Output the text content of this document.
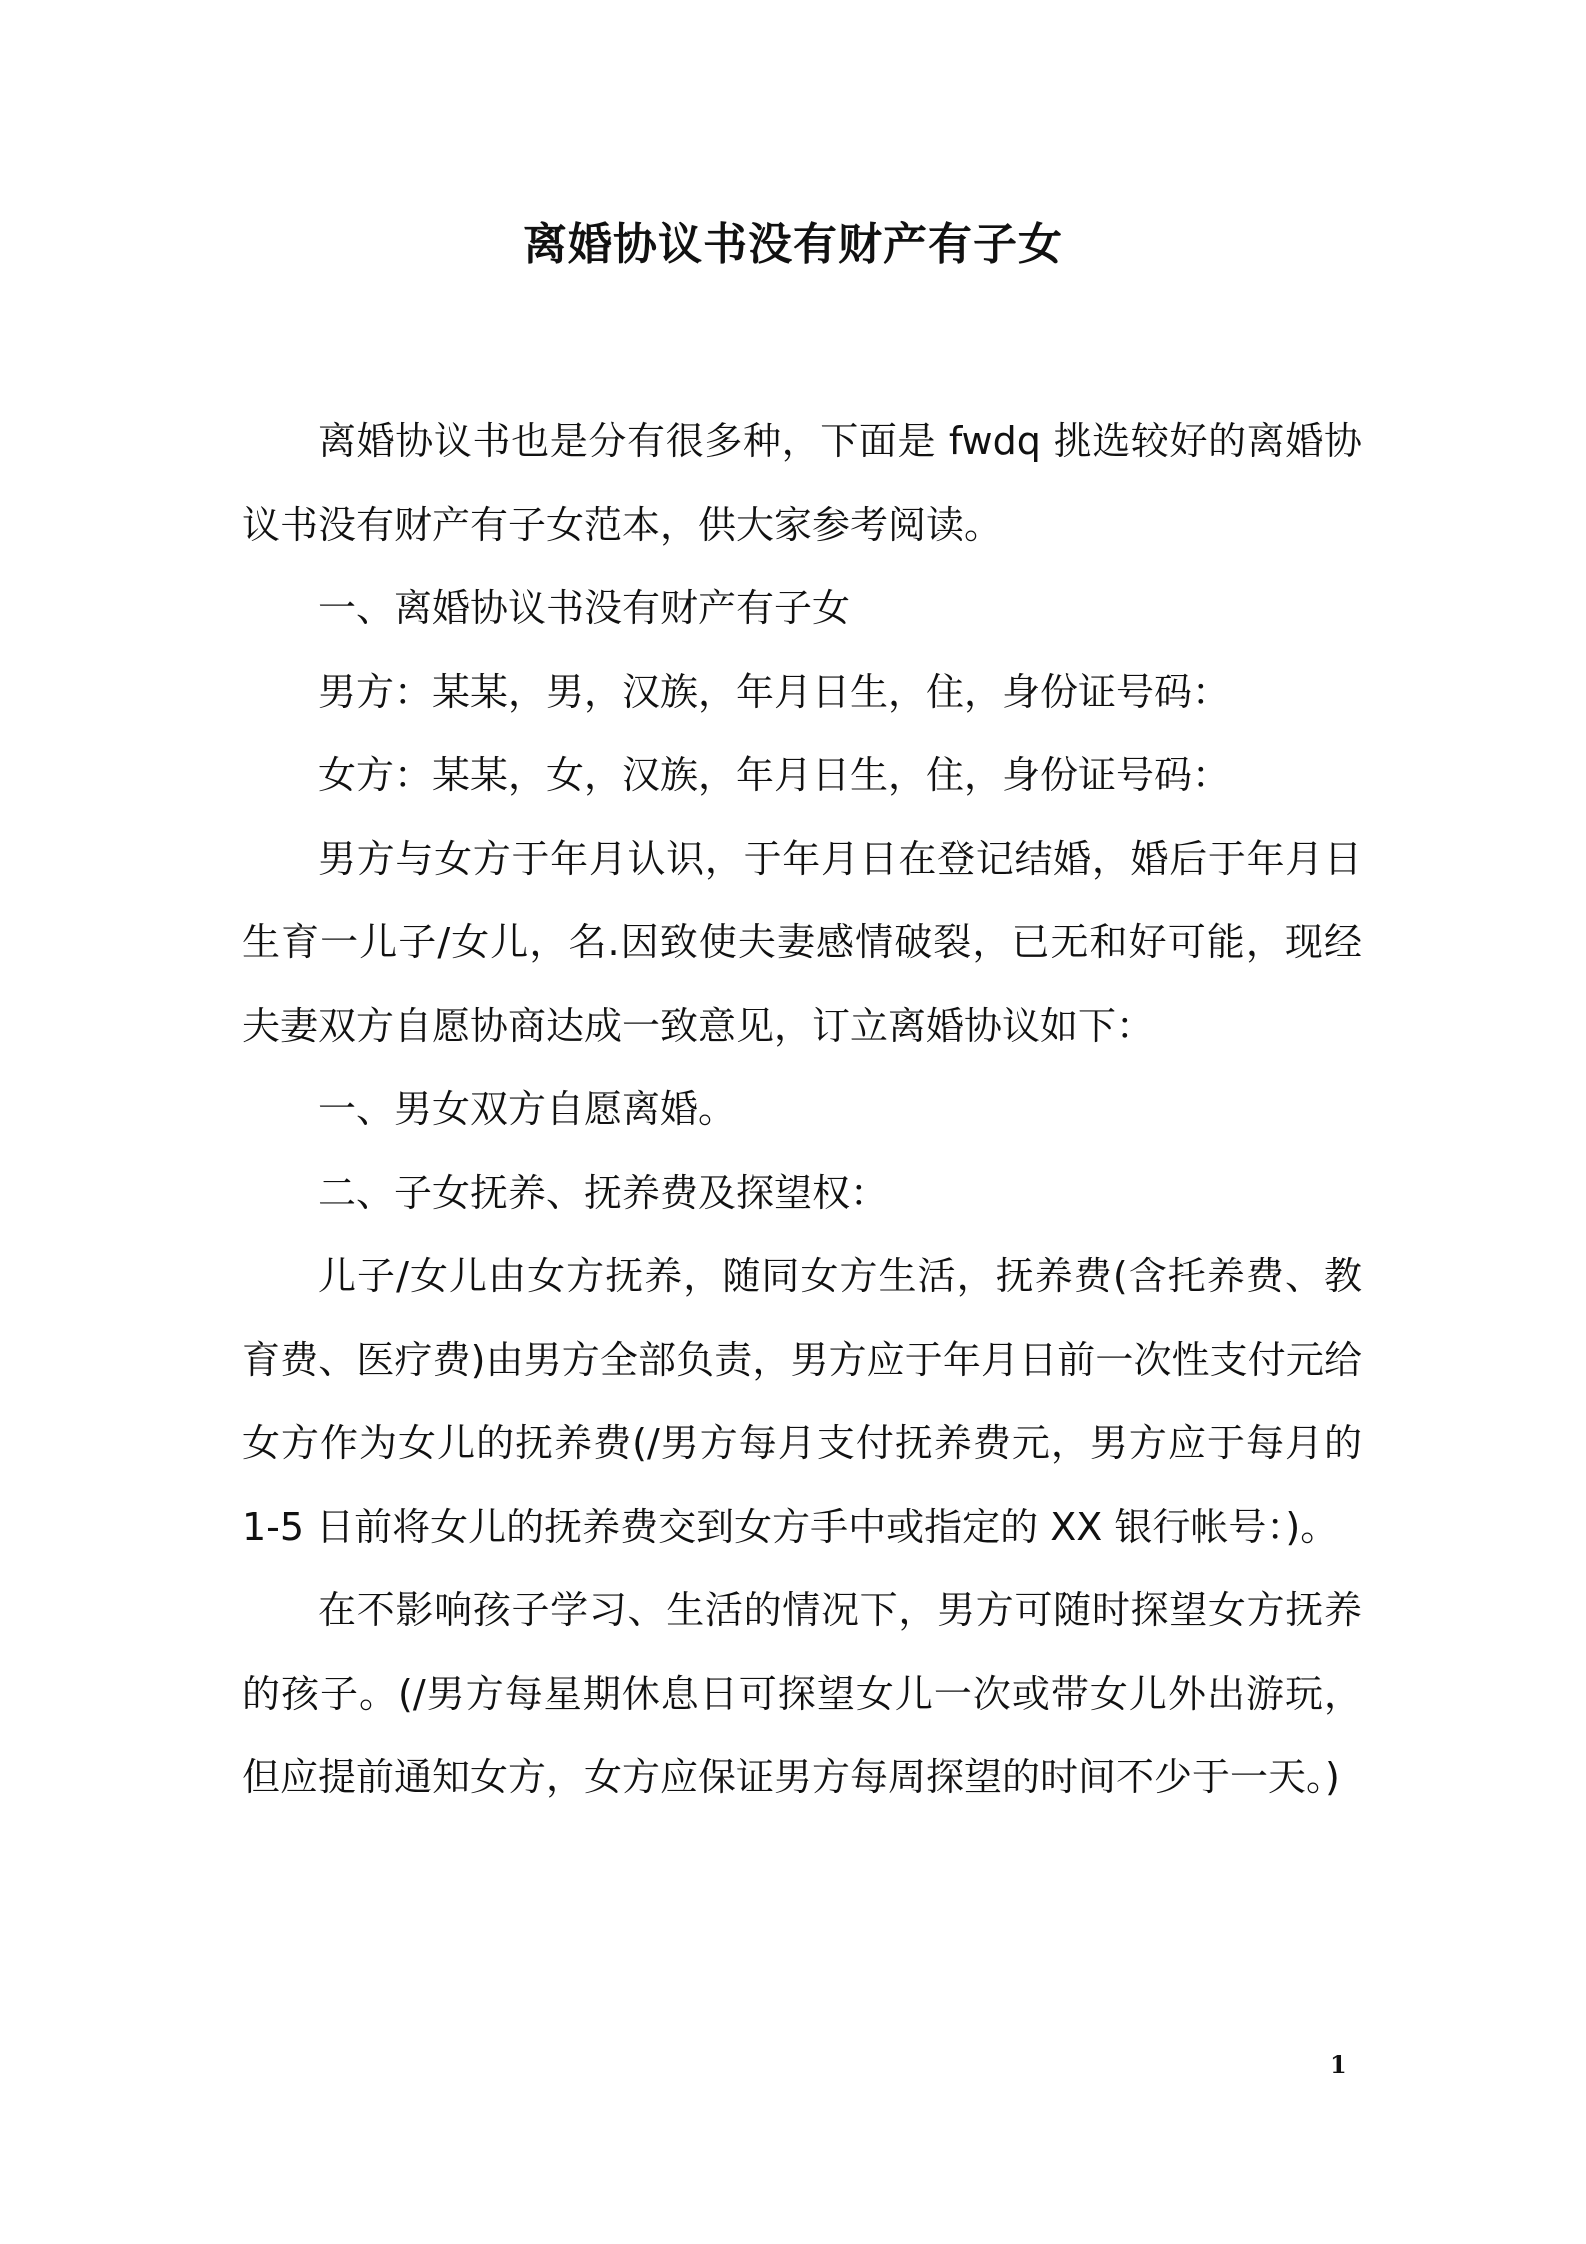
离婚协议书没有财产有子女

离婚协议书也是分有很多种，下面是 fwdq 挑选较好的离婚协议书没有财产有子女范本，供大家参考阅读。

一、离婚协议书没有财产有子女

男方：某某，男，汉族，年月日生，住，身份证号码：

女方：某某，女，汉族，年月日生，住，身份证号码：

男方与女方于年月认识，于年月日在登记结婚，婚后于年月日生育一儿子/女儿，名.因致使夫妻感情破裂，已无和好可能，现经夫妻双方自愿协商达成一致意见，订立离婚协议如下：

一、男女双方自愿离婚。

二、子女抚养、抚养费及探望权：

儿子/女儿由女方抚养，随同女方生活，抚养费(含托养费、教育费、医疗费)由男方全部负责，男方应于年月日前一次性支付元给女方作为女儿的抚养费(/男方每月支付抚养费元，男方应于每月的 1-5 日前将女儿的抚养费交到女方手中或指定的 XX 银行帐号：)。

在不影响孩子学习、生活的情况下，男方可随时探望女方抚养的孩子。(/男方每星期休息日可探望女儿一次或带女儿外出游玩，但应提前通知女方，女方应保证男方每周探望的时间不少于一天。)

1
